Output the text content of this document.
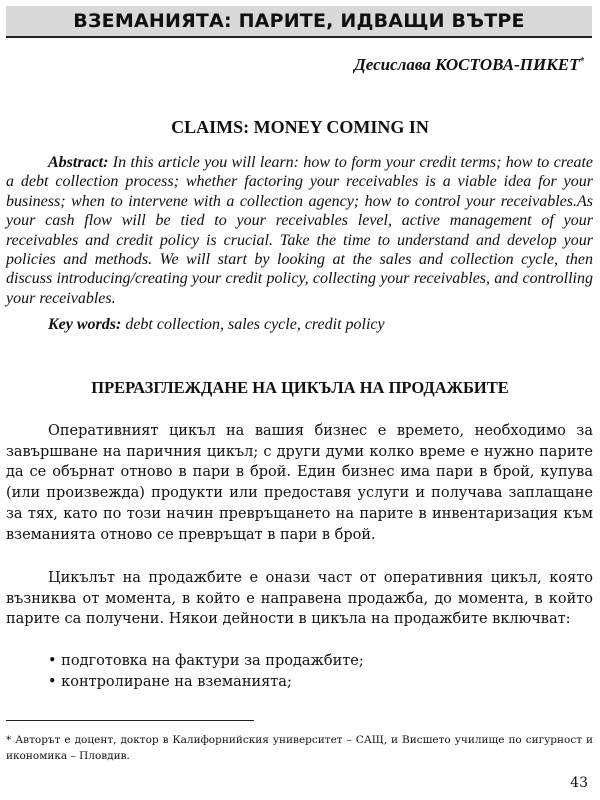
ВЗЕМАНИЯТА: ПАРИТЕ, ИДВАЩИ ВЪТРЕ
Десислава КОСТОВА-ПИКЕТ*
CLAIMS: MONEY COMING IN

Abstract: In this article you will learn: how to form your credit terms; how to create a debt collection process; whether factoring your receivables is a viable idea for your business; when to intervene with a collection agency; how to control your receivables.As your cash flow will be tied to your receivables level, active management of your receivables and credit policy is crucial. Take the time to understand and develop your policies and methods. We will start by looking at the sales and collection cycle, then discuss introducing/creating your credit policy, collecting your receivables, and controlling your receivables.

Key words: debt collection, sales cycle, credit policy
ПРЕРАЗГЛЕЖДАНЕ НА ЦИКЪЛА НА ПРОДАЖБИТЕ

Оперативният цикъл на вашия бизнес е времето, необходимо за завършване на паричния цикъл; с други думи колко време е нужно парите да се обърнат отново в пари в брой. Един бизнес има пари в брой, купува (или произвежда) продукти или предоставя услуги и получава заплащане за тях, като по този начин превръщането на парите в инвентаризация към вземанията отново се превръщат в пари в брой.

Цикълът на продажбите е онази част от оперативния цикъл, която възниква от момента, в който е направена продажба, до момента, в който парите са получени. Някои дейности в цикъла на продажбите включват:

• подготовка на фактури за продажбите;
• контролиране на вземанията;

* Авторът е доцент, доктор в Калифорнийския университет – САЩ, и Висшето училище по сигурност и икономика – Пловдив.

43
